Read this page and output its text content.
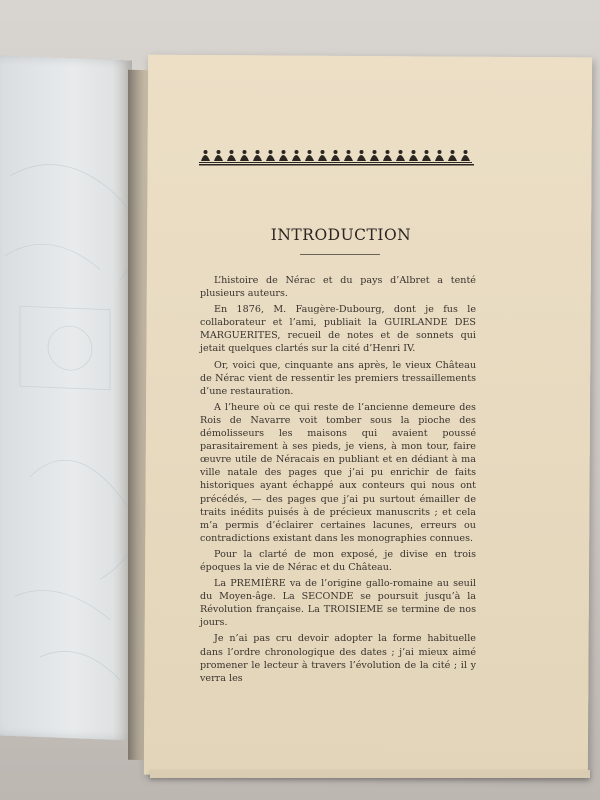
INTRODUCTION

L’histoire de Nérac et du pays d’Albret a tenté plusieurs auteurs.

En 1876, M. Faugère-Dubourg, dont je fus le collaborateur et l’ami, publiait la GUIRLANDE DES MARGUERITES, recueil de notes et de sonnets qui jetait quelques clartés sur la cité d’Henri IV.

Or, voici que, cinquante ans après, le vieux Château de Nérac vient de ressentir les premiers tressaillements d’une restauration.

A l’heure où ce qui reste de l’ancienne demeure des Rois de Navarre voit tomber sous la pioche des démolisseurs les maisons qui avaient poussé parasitairement à ses pieds, je viens, à mon tour, faire œuvre utile de Néracais en publiant et en dédiant à ma ville natale des pages que j’ai pu enrichir de faits historiques ayant échappé aux conteurs qui nous ont précédés, — des pages que j’ai pu surtout émailler de traits inédits puisés à de précieux manuscrits ; et cela m’a permis d’éclairer certaines lacunes, erreurs ou contradictions existant dans les monographies connues.

Pour la clarté de mon exposé, je divise en trois époques la vie de Nérac et du Château.

La PREMIÈRE va de l’origine gallo-romaine au seuil du Moyen-âge. La SECONDE se poursuit jusqu’à la Révolution française. La TROISIEME se termine de nos jours.

Je n’ai pas cru devoir adopter la forme habituelle dans l’ordre chronologique des dates ; j’ai mieux aimé promener le lecteur à travers l’évolution de la cité ; il y verra les
